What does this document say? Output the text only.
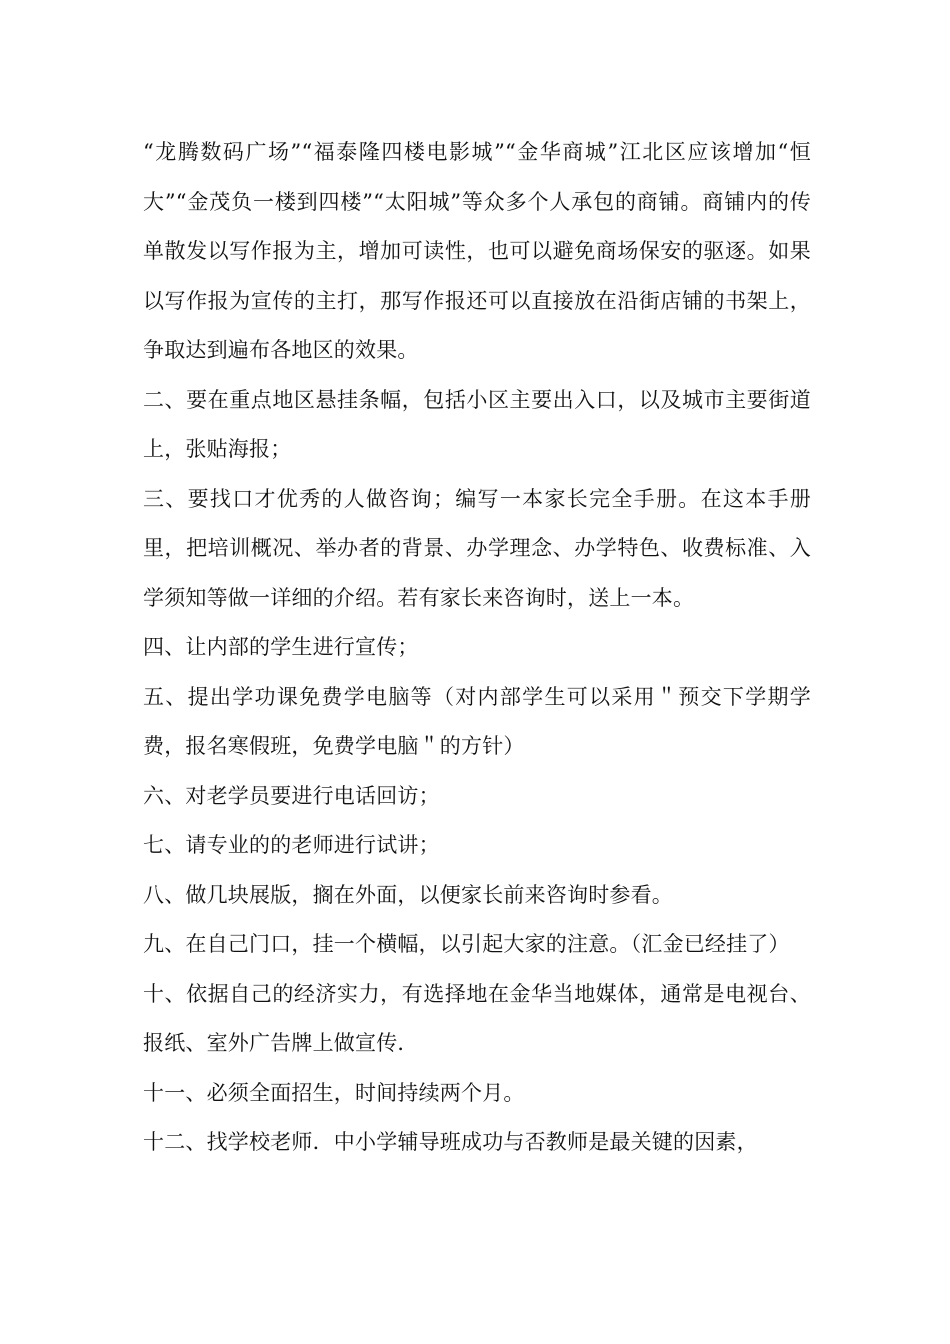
“龙腾数码广场”“福泰隆四楼电影城”“金华商城”江北区应该增加“恒大”“金茂负一楼到四楼”“太阳城”等众多个人承包的商铺。商铺内的传单散发以写作报为主，增加可读性，也可以避免商场保安的驱逐。如果以写作报为宣传的主打，那写作报还可以直接放在沿街店铺的书架上，争取达到遍布各地区的效果。

二、要在重点地区悬挂条幅，包括小区主要出入口，以及城市主要街道上，张贴海报；

三、要找口才优秀的人做咨询；编写一本家长完全手册。在这本手册里，把培训概况、举办者的背景、办学理念、办学特色、收费标准、入学须知等做一详细的介绍。若有家长来咨询时，送上一本。

四、让内部的学生进行宣传；

五、提出学功课免费学电脑等（对内部学生可以采用＂预交下学期学费，报名寒假班，免费学电脑＂的方针）

六、对老学员要进行电话回访；

七、请专业的的老师进行试讲；

八、做几块展版，搁在外面，以便家长前来咨询时参看。

九、在自己门口，挂一个横幅，以引起大家的注意。（汇金已经挂了）

十、依据自己的经济实力，有选择地在金华当地媒体，通常是电视台、报纸、室外广告牌上做宣传．

十一、必须全面招生，时间持续两个月。

十二、找学校老师．中小学辅导班成功与否教师是最关键的因素，
